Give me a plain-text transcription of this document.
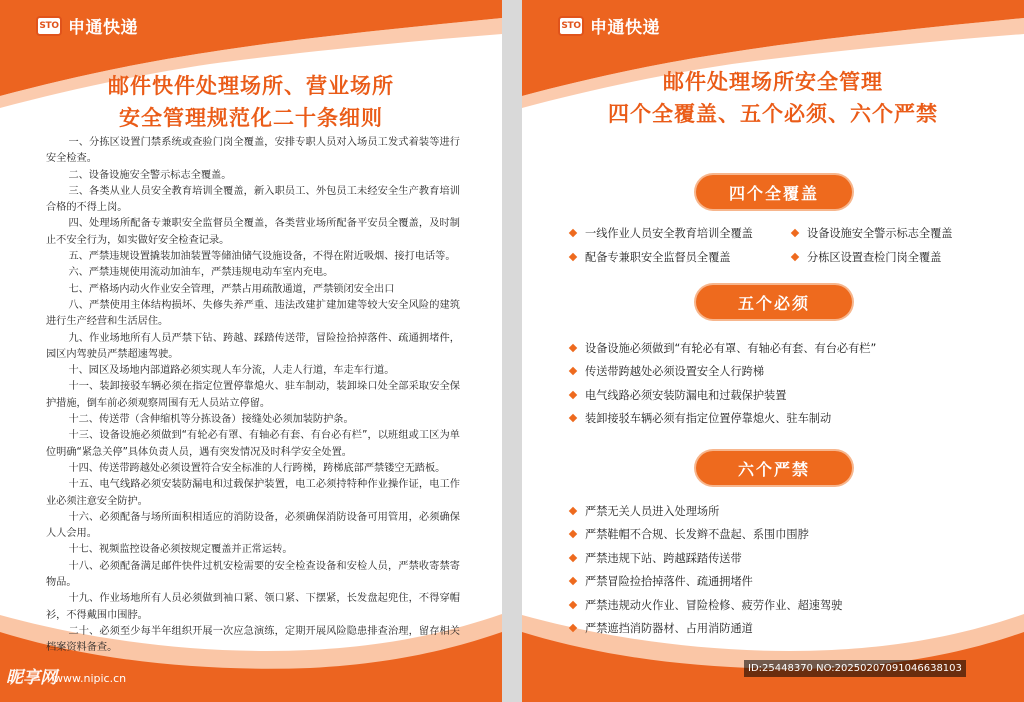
STO 申通快递
邮件快件处理场所、营业场所
安全管理规范化二十条细则

一、分拣区设置门禁系统或查验门岗全覆盖，安排专职人员对入场员工发式着装等进行安全检查。

二、设备设施安全警示标志全覆盖。

三、各类从业人员安全教育培训全覆盖，新入职员工、外包员工未经安全生产教育培训合格的不得上岗。

四、处理场所配备专兼职安全监督员全覆盖，各类营业场所配备平安员全覆盖，及时制止不安全行为，如实做好安全检查记录。

五、严禁违规设置撬装加油装置等储油储气设施设备，不得在附近吸烟、接打电话等。

六、严禁违规使用流动加油车，严禁违规电动车室内充电。

七、严格场内动火作业安全管理，严禁占用疏散通道，严禁锁闭安全出口

八、严禁使用主体结构损坏、失修失养严重、违法改建扩建加建等较大安全风险的建筑进行生产经营和生活居住。

九、作业场地所有人员严禁下钻、跨越、踩踏传送带，冒险捡拾掉落件、疏通拥堵件，园区内驾驶员严禁超速驾驶。

十、园区及场地内部道路必须实现人车分流，人走人行道，车走车行道。

十一、装卸接驳车辆必须在指定位置停靠熄火、驻车制动，装卸垛口处全部采取安全保护措施，倒车前必须观察周围有无人员站立停留。

十二、传送带（含伸缩机等分拣设备）接缝处必须加装防护条。

十三、设备设施必须做到“有轮必有罩、有轴必有套、有台必有栏”，以班组或工区为单位明确“紧急关停”具体负责人员，遇有突发情况及时科学安全处置。

十四、传送带跨越处必须设置符合安全标准的人行跨梯，跨梯底部严禁镂空无踏板。

十五、电气线路必须安装防漏电和过载保护装置，电工必须持特种作业操作证，电工作业必须注意安全防护。

十六、必须配备与场所面积相适应的消防设备，必须确保消防设备可用管用，必须确保人人会用。

十七、视频监控设备必须按规定覆盖并正常运转。

十八、必须配备满足邮件快件过机安检需要的安全检查设备和安检人员，严禁收寄禁寄物品。

十九、作业场地所有人员必须做到袖口紧、领口紧、下摆紧，长发盘起兜住，不得穿帽衫，不得戴围巾围脖。

二十、必须至少每半年组织开展一次应急演练，定期开展风险隐患排查治理，留存相关档案资料备查。

昵享网
www.nipic.cn
STO 申通快递
邮件处理场所安全管理
四个全覆盖、五个必须、六个严禁
四个全覆盖
一线作业人员安全教育培训全覆盖	设备设施安全警示标志全覆盖
配备专兼职安全监督员全覆盖	分栋区设置查检门岗全覆盖
五个必须
设备设施必须做到“有轮必有罩、有轴必有套、有台必有栏”
传送带跨越处必须设置安全人行跨梯
电气线路必须安装防漏电和过载保护装置
装卸接驳车辆必须有指定位置停靠熄火、驻车制动
六个严禁
严禁无关人员进入处理场所
严禁鞋帽不合规、长发辫不盘起、系围巾围脖
严禁违规下站、跨越踩踏传送带
严禁冒险捡拾掉落件、疏通拥堵件
严禁违规动火作业、冒险检修、疲劳作业、超速驾驶
严禁遮挡消防器材、占用消防通道
ID:25448370 NO:20250207091046638103
